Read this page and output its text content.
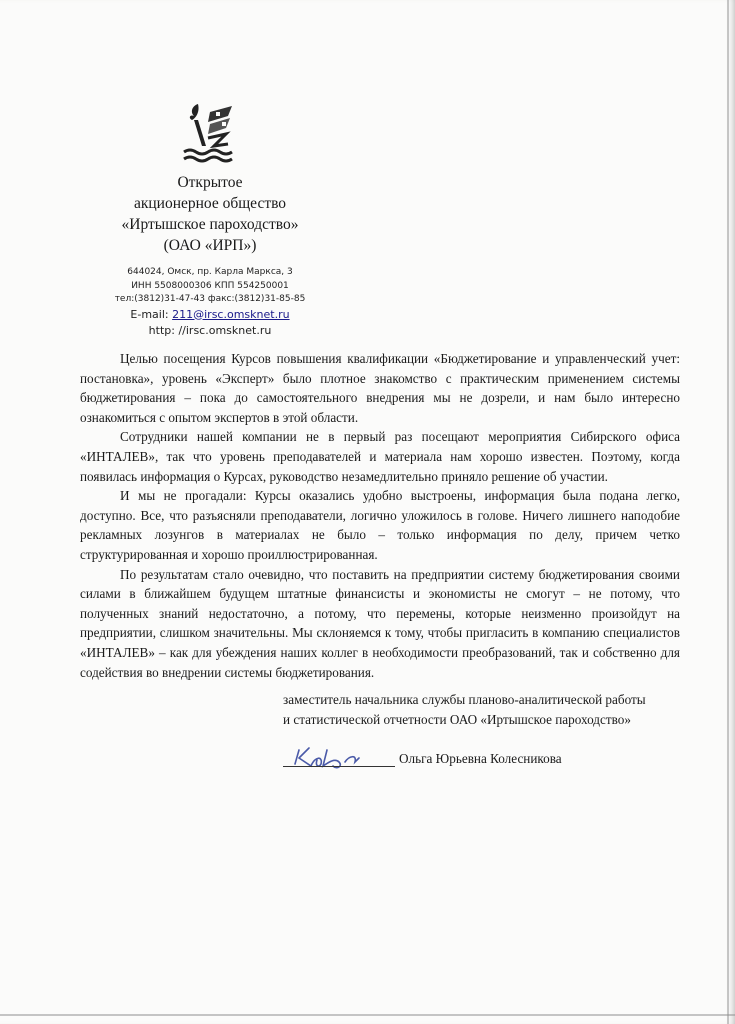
Открытое
акционерное общество
«Иртышское пароходство»
(ОАО «ИРП»)
644024, Омск, пр. Карла Маркса, 3
ИНН 5508000306 КПП 554250001
тел:(3812)31-47-43 факс:(3812)31-85-85
E-mail: 211@irsc.omsknet.ru
http: //irsc.omsknet.ru

Целью посещения Курсов повышения квалификации «Бюджетирование и управленческий учет: постановка», уровень «Эксперт» было плотное знакомство с практическим применением системы бюджетирования – пока до самостоятельного внедрения мы не дозрели, и нам было интересно ознакомиться с опытом экспертов в этой области.

Сотрудники нашей компании не в первый раз посещают мероприятия Сибирского офиса «ИНТАЛЕВ», так что уровень преподавателей и материала нам хорошо известен. Поэтому, когда появилась информация о Курсах, руководство незамедлительно приняло решение об участии.

И мы не прогадали: Курсы оказались удобно выстроены, информация была подана легко, доступно. Все, что разъясняли преподаватели, логично уложилось в голове. Ничего лишнего наподобие рекламных лозунгов в материалах не было – только информация по делу, причем четко структурированная и хорошо проиллюстрированная.

По результатам стало очевидно, что поставить на предприятии систему бюджетирования своими силами в ближайшем будущем штатные финансисты и экономисты не смогут – не потому, что полученных знаний недостаточно, а потому, что перемены, которые неизменно произойдут на предприятии, слишком значительны. Мы склоняемся к тому, чтобы пригласить в компанию специалистов «ИНТАЛЕВ» – как для убеждения наших коллег в необходимости преобразований, так и собственно для содействия во внедрении системы бюджетирования.

заместитель начальника службы планово-аналитической работы
и статистической отчетности ОАО «Иртышское пароходство»
Ольга Юрьевна Колесникова
